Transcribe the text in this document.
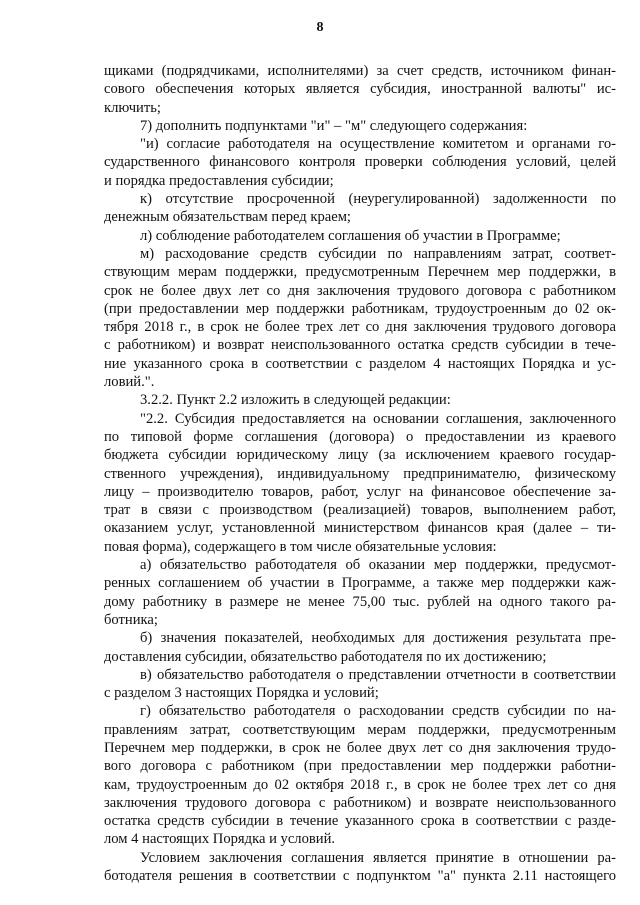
8
щиками (подрядчиками, исполнителями) за счет средств, источником финан-
сового обеспечения которых является субсидия, иностранной валюты" ис-
ключить;
7) дополнить подпунктами "и" – "м" следующего содержания:
"и) согласие работодателя на осуществление комитетом и органами го-
сударственного финансового контроля проверки соблюдения условий, целей
и порядка предоставления субсидии;
к) отсутствие просроченной (неурегулированной) задолженности по
денежным обязательствам перед краем;
л) соблюдение работодателем соглашения об участии в Программе;
м) расходование средств субсидии по направлениям затрат, соответ-
ствующим мерам поддержки, предусмотренным Перечнем мер поддержки, в
срок не более двух лет со дня заключения трудового договора с работником
(при предоставлении мер поддержки работникам, трудоустроенным до 02 ок-
тября 2018 г., в срок не более трех лет со дня заключения трудового договора
с работником) и возврат неиспользованного остатка средств субсидии в тече-
ние указанного срока в соответствии с разделом 4 настоящих Порядка и ус-
ловий.".
3.2.2. Пункт 2.2 изложить в следующей редакции:
"2.2. Субсидия предоставляется на основании соглашения, заключенного
по типовой форме соглашения (договора) о предоставлении из краевого
бюджета субсидии юридическому лицу (за исключением краевого государ-
ственного учреждения), индивидуальному предпринимателю, физическому
лицу – производителю товаров, работ, услуг на финансовое обеспечение за-
трат в связи с производством (реализацией) товаров, выполнением работ,
оказанием услуг, установленной министерством финансов края (далее – ти-
повая форма), содержащего в том числе обязательные условия:
а) обязательство работодателя об оказании мер поддержки, предусмот-
ренных соглашением об участии в Программе, а также мер поддержки каж-
дому работнику в размере не менее 75,00 тыс. рублей на одного такого ра-
ботника;
б) значения показателей, необходимых для достижения результата пре-
доставления субсидии, обязательство работодателя по их достижению;
в) обязательство работодателя о представлении отчетности в соответствии
с разделом 3 настоящих Порядка и условий;
г) обязательство работодателя о расходовании средств субсидии по на-
правлениям затрат, соответствующим мерам поддержки, предусмотренным
Перечнем мер поддержки, в срок не более двух лет со дня заключения трудо-
вого договора с работником (при предоставлении мер поддержки работни-
кам, трудоустроенным до 02 октября 2018 г., в срок не более трех лет со дня
заключения трудового договора с работником) и возврате неиспользованного
остатка средств субсидии в течение указанного срока в соответствии с разде-
лом 4 настоящих Порядка и условий.
Условием заключения соглашения является принятие в отношении ра-
ботодателя решения в соответствии с подпунктом "а" пункта 2.11 настоящего
